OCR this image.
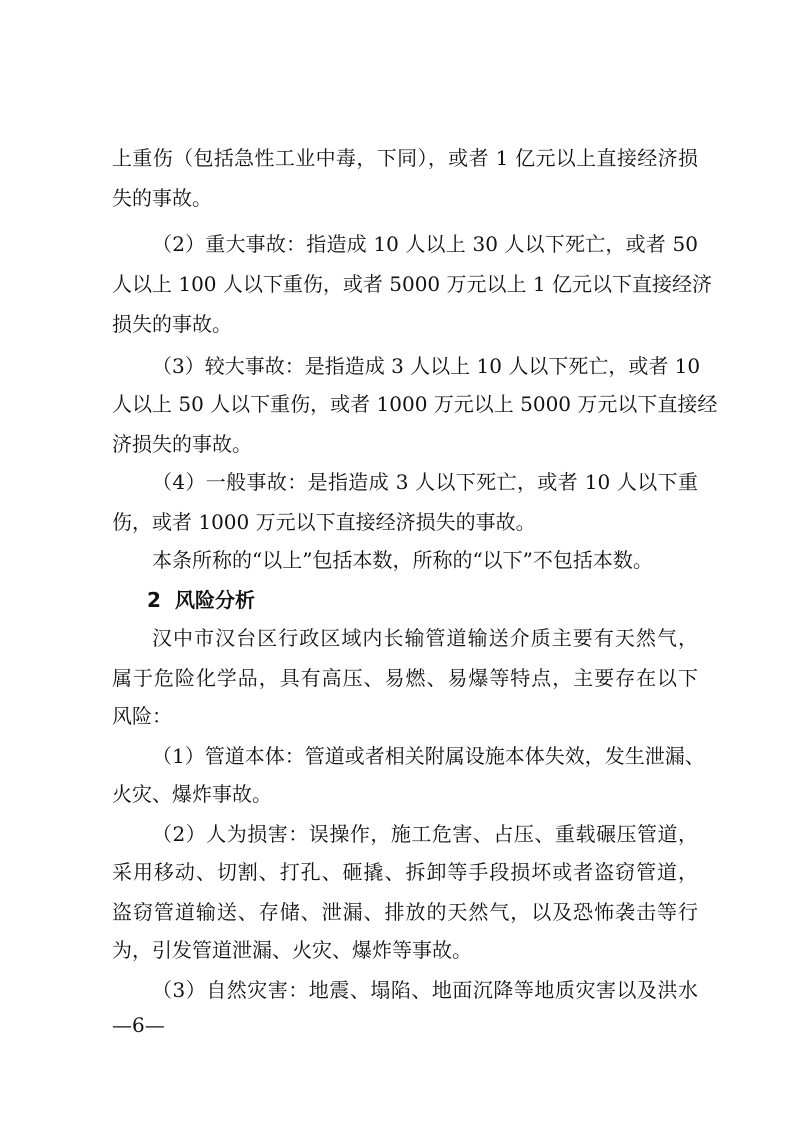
上重伤（包括急性工业中毒，下同），或者 1 亿元以上直接经济损
失的事故。
（2）重大事故：指造成 10 人以上 30 人以下死亡，或者 50
人以上 100 人以下重伤，或者 5000 万元以上 1 亿元以下直接经济
损失的事故。
（3）较大事故：是指造成 3 人以上 10 人以下死亡，或者 10
人以上 50 人以下重伤，或者 1000 万元以上 5000 万元以下直接经
济损失的事故。
（4）一般事故：是指造成 3 人以下死亡，或者 10 人以下重
伤，或者 1000 万元以下直接经济损失的事故。
本条所称的“以上”包括本数，所称的“以下”不包括本数。
2 风险分析
汉中市汉台区行政区域内长输管道输送介质主要有天然气，
属于危险化学品，具有高压、易燃、易爆等特点，主要存在以下
风险：
（1）管道本体：管道或者相关附属设施本体失效，发生泄漏、
火灾、爆炸事故。
（2）人为损害：误操作，施工危害、占压、重载碾压管道，
采用移动、切割、打孔、砸撬、拆卸等手段损坏或者盗窃管道，
盗窃管道输送、存储、泄漏、排放的天然气，以及恐怖袭击等行
为，引发管道泄漏、火灾、爆炸等事故。
（3）自然灾害：地震、塌陷、地面沉降等地质灾害以及洪水
—6—
